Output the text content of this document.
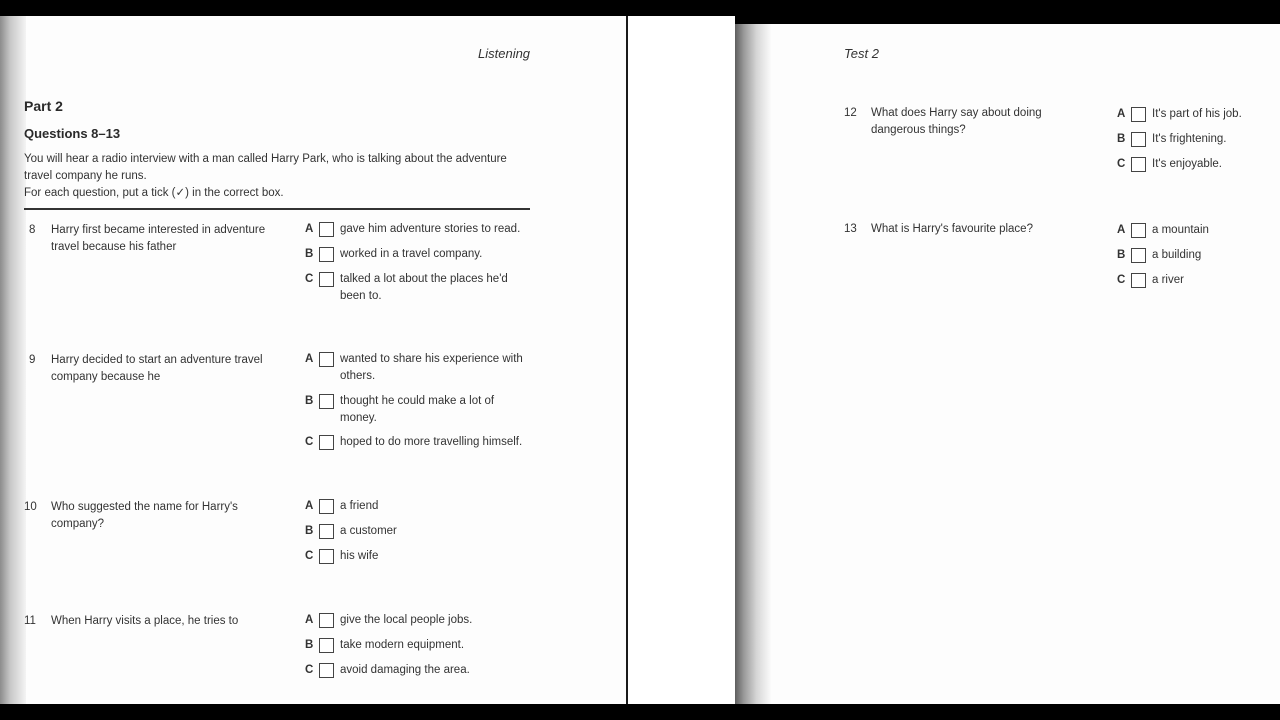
Listening
Part 2
Questions 8–13
You will hear a radio interview with a man called Harry Park, who is talking about the adventure
travel company he runs.
For each question, put a tick (✓) in the correct box.
8 Harry first became interested in adventure travel because his father
A gave him adventure stories to read.
B worked in a travel company.
C talked a lot about the places he'd been to.
9 Harry decided to start an adventure travel company because he
A wanted to share his experience with others.
B thought he could make a lot of money.
C hoped to do more travelling himself.
10 Who suggested the name for Harry's company?
A a friend
B a customer
C his wife
11 When Harry visits a place, he tries to	A give the local people jobs.
B take modern equipment.
C avoid damaging the area.
Test 2
12 What does Harry say about doing dangerous things?
A It's part of his job.
B It's frightening.
C It's enjoyable.
13 What is Harry's favourite place?	A a mountain
B a building
C a river
